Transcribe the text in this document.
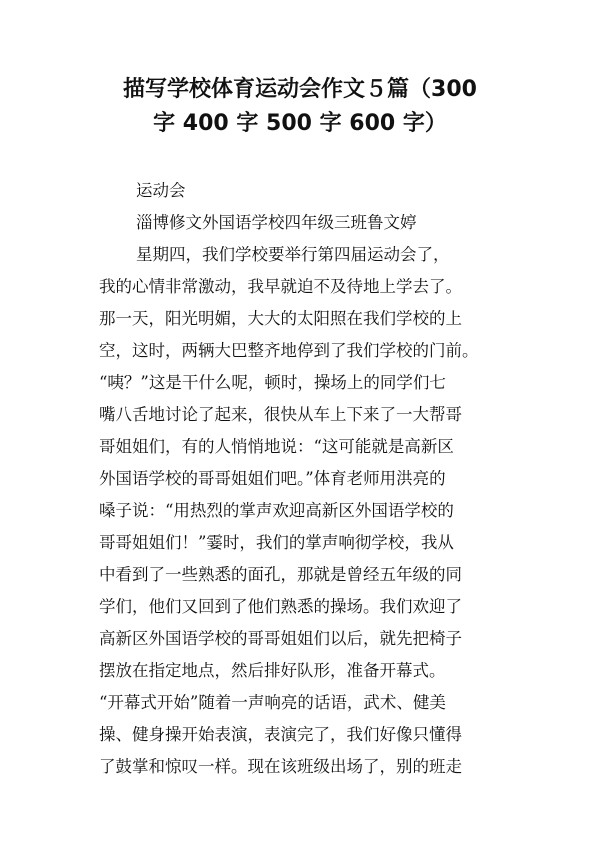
描写学校体育运动会作文５篇（300
字 400 字 500 字 600 字）
运动会
淄博修文外国语学校四年级三班鲁文婷
星期四，我们学校要举行第四届运动会了，
我的心情非常激动，我早就迫不及待地上学去了。
那一天，阳光明媚，大大的太阳照在我们学校的上
空，这时，两辆大巴整齐地停到了我们学校的门前。
“咦？”这是干什么呢，顿时，操场上的同学们七
嘴八舌地讨论了起来，很快从车上下来了一大帮哥
哥姐姐们，有的人悄悄地说：“这可能就是高新区
外国语学校的哥哥姐姐们吧。”体育老师用洪亮的
嗓子说：“用热烈的掌声欢迎高新区外国语学校的
哥哥姐姐们！”霎时，我们的掌声响彻学校，我从
中看到了一些熟悉的面孔，那就是曾经五年级的同
学们，他们又回到了他们熟悉的操场。我们欢迎了
高新区外国语学校的哥哥姐姐们以后，就先把椅子
摆放在指定地点，然后排好队形，准备开幕式。
“开幕式开始”随着一声响亮的话语，武术、健美
操、健身操开始表演，表演完了，我们好像只懂得
了鼓掌和惊叹一样。现在该班级出场了，别的班走
